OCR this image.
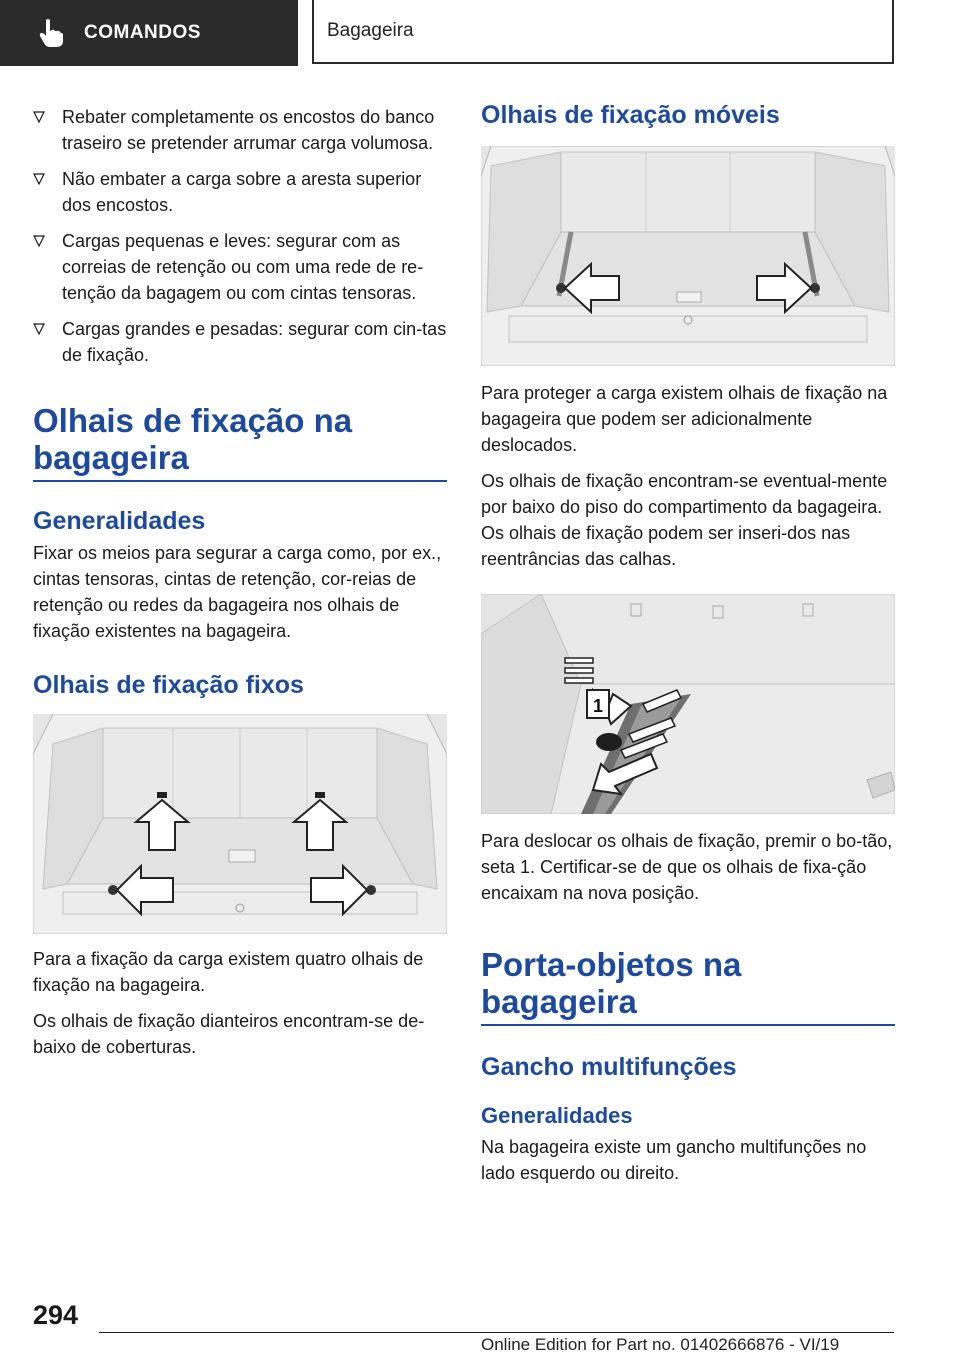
COMANDOS	Bagageira
Rebater completamente os encostos do banco traseiro se pretender arrumar carga volumosa.
Não embater a carga sobre a aresta superior dos encostos.
Cargas pequenas e leves: segurar com as correias de retenção ou com uma rede de re-tenção da bagagem ou com cintas tensoras.
Cargas grandes e pesadas: segurar com cin-tas de fixação.
Olhais de fixação na
bagageira
Generalidades

Fixar os meios para segurar a carga como, por ex., cintas tensoras, cintas de retenção, cor-reias de retenção ou redes da bagageira nos olhais de fixação existentes na bagageira.

Olhais de fixação fixos

Para a fixação da carga existem quatro olhais de fixação na bagageira.

Os olhais de fixação dianteiros encontram-se de-baixo de coberturas.

Olhais de fixação móveis

Para proteger a carga existem olhais de fixação na bagageira que podem ser adicionalmente deslocados.

Os olhais de fixação encontram-se eventual-mente por baixo do piso do compartimento da bagageira. Os olhais de fixação podem ser inseri-dos nas reentrâncias das calhas.

1

Para deslocar os olhais de fixação, premir o bo-tão, seta 1. Certificar-se de que os olhais de fixa-ção encaixam na nova posição.

Porta-objetos na bagageira
Gancho multifunções
Generalidades

Na bagageira existe um gancho multifunções no lado esquerdo ou direito.

294
Online Edition for Part no. 01402666876 - VI/19
